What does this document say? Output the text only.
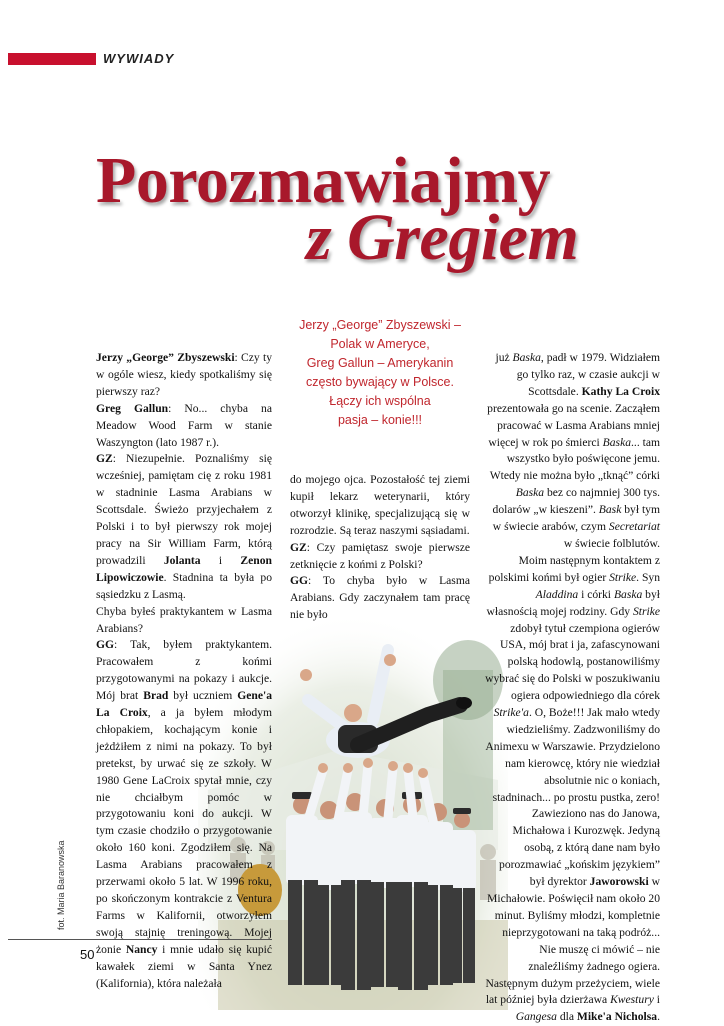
WYWIADY
Porozmawiajmy
z Gregiem
Jerzy „George” Zbyszewski –
Polak w Ameryce,
Greg Gallun – Amerykanin
często bywający w Polsce.
Łączy ich wspólna
pasja – konie!!!

Jerzy „George” Zbyszewski: Czy ty w ogóle wiesz, kiedy spotkaliśmy się pierwszy raz?

Greg Gallun: No... chyba na Meadow Wood Farm w stanie Waszyngton (lato 1987 r.).

GZ: Niezupełnie. Poznaliśmy się wcześniej, pamiętam cię z roku 1981 w stadninie Lasma Arabians w Scottsdale. Świeżo przyjechałem z Polski i to był pierwszy rok mojej pracy na Sir William Farm, którą prowadzili Jolanta i Zenon Lipowiczowie. Stadnina ta była po sąsiedzku z Lasmą.

Chyba byłeś praktykantem w Lasma Arabians?

GG: Tak, byłem praktykantem. Pracowałem z końmi przygotowanymi na pokazy i aukcje. Mój brat Brad był uczniem Gene'a La Croix, a ja byłem młodym chłopakiem, kochającym konie i jeżdżiłem z nimi na pokazy. To był pretekst, by urwać się ze szkoły. W 1980 Gene LaCroix spytał mnie, czy nie chciałbym pomóc w przygotowaniu koni do aukcji. W tym czasie chodziło o przygotowanie około 160 koni. Zgodziłem się. Na Lasma Arabians pracowałem z przerwami około 5 lat. W 1996 roku, po skończonym kontrakcie z Ventura Farms w Kalifornii, otworzyłem swoją stajnię treningową. Mojej żonie Nancy i mnie udało się kupić kawałek ziemi w Santa Ynez (Kalifornia), która należała

do mojego ojca. Pozostałość tej ziemi kupił lekarz weterynarii, który otworzył klinikę, specjalizującą się w rozrodzie. Są teraz naszymi sąsiadami.

GZ: Czy pamiętasz swoje pierwsze zetknięcie z końmi z Polski?

GG: To chyba było w Lasma Arabians. Gdy zaczynałem tam pracę nie było

już Baska, padł w 1979. Widziałem go tylko raz, w czasie aukcji w Scottsdale. Kathy La Croix prezentowała go na scenie. Zacząłem pracować w Lasma Arabians mniej więcej w rok po śmierci Baska... tam wszystko było poświęcone jemu. Wtedy nie można było „tknąć” córki Baska bez co najmniej 300 tys. dolarów „w kieszeni”. Bask był tym w świecie arabów, czym Secretariat w świecie folblutów.

Moim następnym kontaktem z polskimi końmi był ogier Strike. Syn Aladdina i córki Baska był własnością mojej rodziny. Gdy Strike zdobył tytuł czempiona ogierów USA, mój brat i ja, zafascynowani polską hodowlą, postanowiliśmy wybrać się do Polski w poszukiwaniu ogiera odpowiedniego dla córek Strike'a. O, Boże!!! Jak mało wtedy wiedzieliśmy. Zadzwoniliśmy do Animexu w Warszawie. Przydzielono nam kierowcę, który nie wiedział absolutnie nic o koniach, stadninach... po prostu pustka, zero! Zawieziono nas do Janowa, Michałowa i Kurozwęk. Jedyną osobą, z którą dane nam było porozmawiać „końskim językiem” był dyrektor Jaworowski w Michałowie. Poświęcił nam około 20 minut. Byliśmy młodzi, kompletnie nieprzygotowani na taką podróż... Nie muszę ci mówić – nie znaleźliśmy żadnego ogiera.

Następnym dużym przeżyciem, wiele lat później była dzierżawa Kwestury i Gangesa dla Mike'a Nicholsa.

fot. Maria Baranowska
50
